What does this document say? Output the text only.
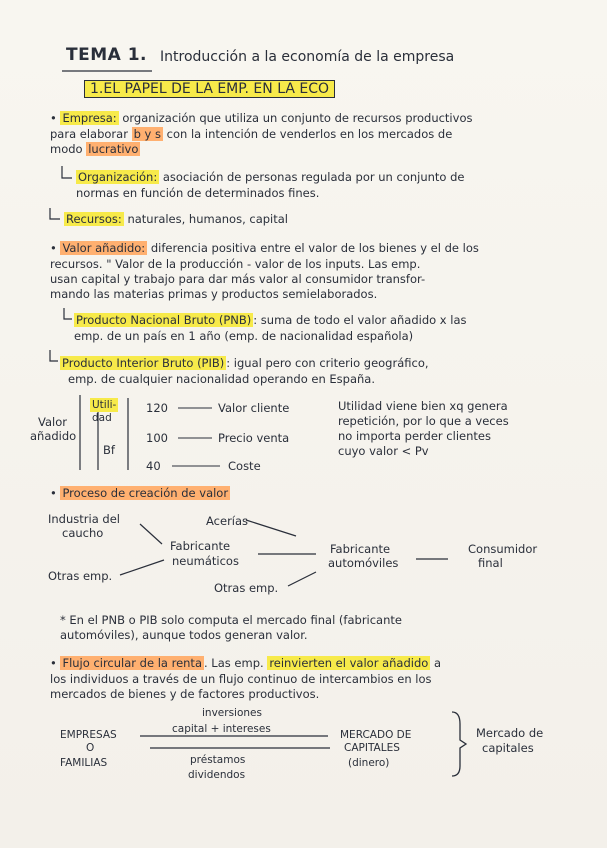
TEMA 1. Introducción a la economía de la empresa
1.EL PAPEL DE LA EMP. EN LA ECO
• Empresa: organización que utiliza un conjunto de recursos productivos
para elaborar b y s con la intención de venderlos en los mercados de
modo lucrativo
Organización: asociación de personas regulada por un conjunto de
normas en función de determinados fines.
Recursos: naturales, humanos, capital
• Valor añadido: diferencia positiva entre el valor de los bienes y el de los
recursos. " Valor de la producción - valor de los inputs. Las emp.
usan capital y trabajo para dar más valor al consumidor transfor-
mando las materias primas y productos semielaborados.
Producto Nacional Bruto (PNB) : suma de todo el valor añadido x las
emp. de un país en 1 año (emp. de nacionalidad española)
Producto Interior Bruto (PIB) : igual pero con criterio geográfico,
emp. de cualquier nacionalidad operando en España.
Valor
añadido
Utili-
dad
Bf
120	Valor cliente
100	Precio venta
40	Coste
Utilidad viene bien xq genera
repetición, por lo que a veces
no importa perder clientes
cuyo valor < Pv
• Proceso de creación de valor
Industria del
caucho
Acerías
Fabricante
neumáticos
Fabricante
automóviles
Consumidor
final
Otras emp.
Otras emp.
* En el PNB o PIB solo computa el mercado final (fabricante
automóviles), aunque todos generan valor.
• Flujo circular de la renta . Las emp. reinvierten el valor añadido a
los individuos a través de un flujo continuo de intercambios en los
mercados de bienes y de factores productivos.
inversiones
capital + intereses
EMPRESAS
O
FAMILIAS	préstamos
dividendos
MERCADO DE
CAPITALES
(dinero)
Mercado de
capitales
